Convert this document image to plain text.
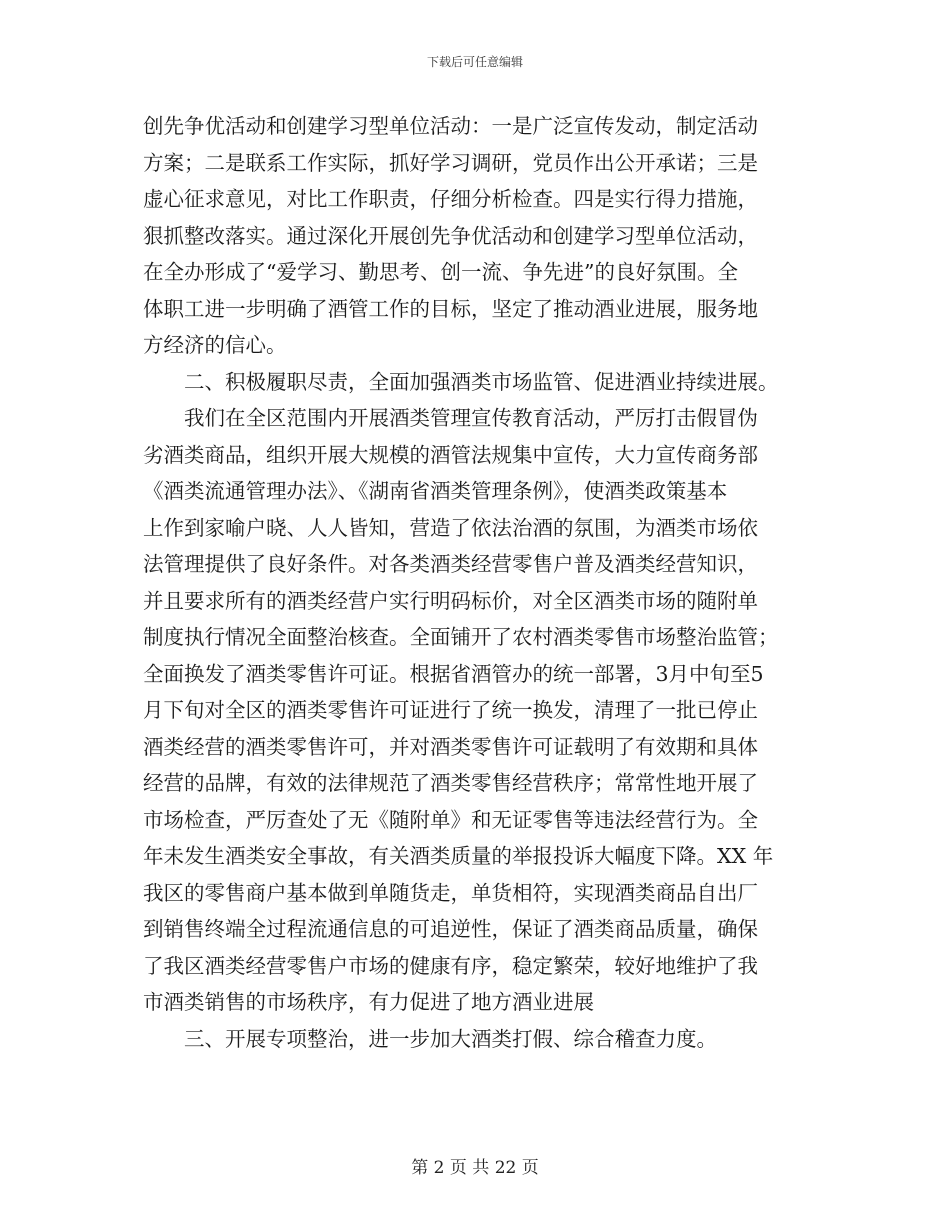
下载后可任意编辑
创先争优活动和创建学习型单位活动：一是广泛宣传发动，制定活动
方案；二是联系工作实际，抓好学习调研，党员作出公开承诺；三是
虚心征求意见，对比工作职责，仔细分析检查。四是实行得力措施，
狠抓整改落实。通过深化开展创先争优活动和创建学习型单位活动，
在全办形成了“爱学习、勤思考、创一流、争先进”的良好氛围。全
体职工进一步明确了酒管工作的目标，坚定了推动酒业进展，服务地
方经济的信心。
二、积极履职尽责，全面加强酒类市场监管、促进酒业持续进展。
我们在全区范围内开展酒类管理宣传教育活动，严厉打击假冒伪
劣酒类商品，组织开展大规模的酒管法规集中宣传，大力宣传商务部
《酒类流通管理办法》、《湖南省酒类管理条例》，使酒类政策基本
上作到家喻户晓、人人皆知，营造了依法治酒的氛围，为酒类市场依
法管理提供了良好条件。对各类酒类经营零售户普及酒类经营知识，
并且要求所有的酒类经营户实行明码标价，对全区酒类市场的随附单
制度执行情况全面整治核查。全面铺开了农村酒类零售市场整治监管；
全面换发了酒类零售许可证。根据省酒管办的统一部署，3月中旬至5
月下旬对全区的酒类零售许可证进行了统一换发，清理了一批已停止
酒类经营的酒类零售许可，并对酒类零售许可证载明了有效期和具体
经营的品牌，有效的法律规范了酒类零售经营秩序；常常性地开展了
市场检查，严厉查处了无《随附单》和无证零售等违法经营行为。全
年未发生酒类安全事故，有关酒类质量的举报投诉大幅度下降。XX 年
我区的零售商户基本做到单随货走，单货相符，实现酒类商品自出厂
到销售终端全过程流通信息的可追逆性，保证了酒类商品质量，确保
了我区酒类经营零售户市场的健康有序，稳定繁荣，较好地维护了我
市酒类销售的市场秩序，有力促进了地方酒业进展
三、开展专项整治，进一步加大酒类打假、综合稽查力度。
第 2 页 共 22 页
